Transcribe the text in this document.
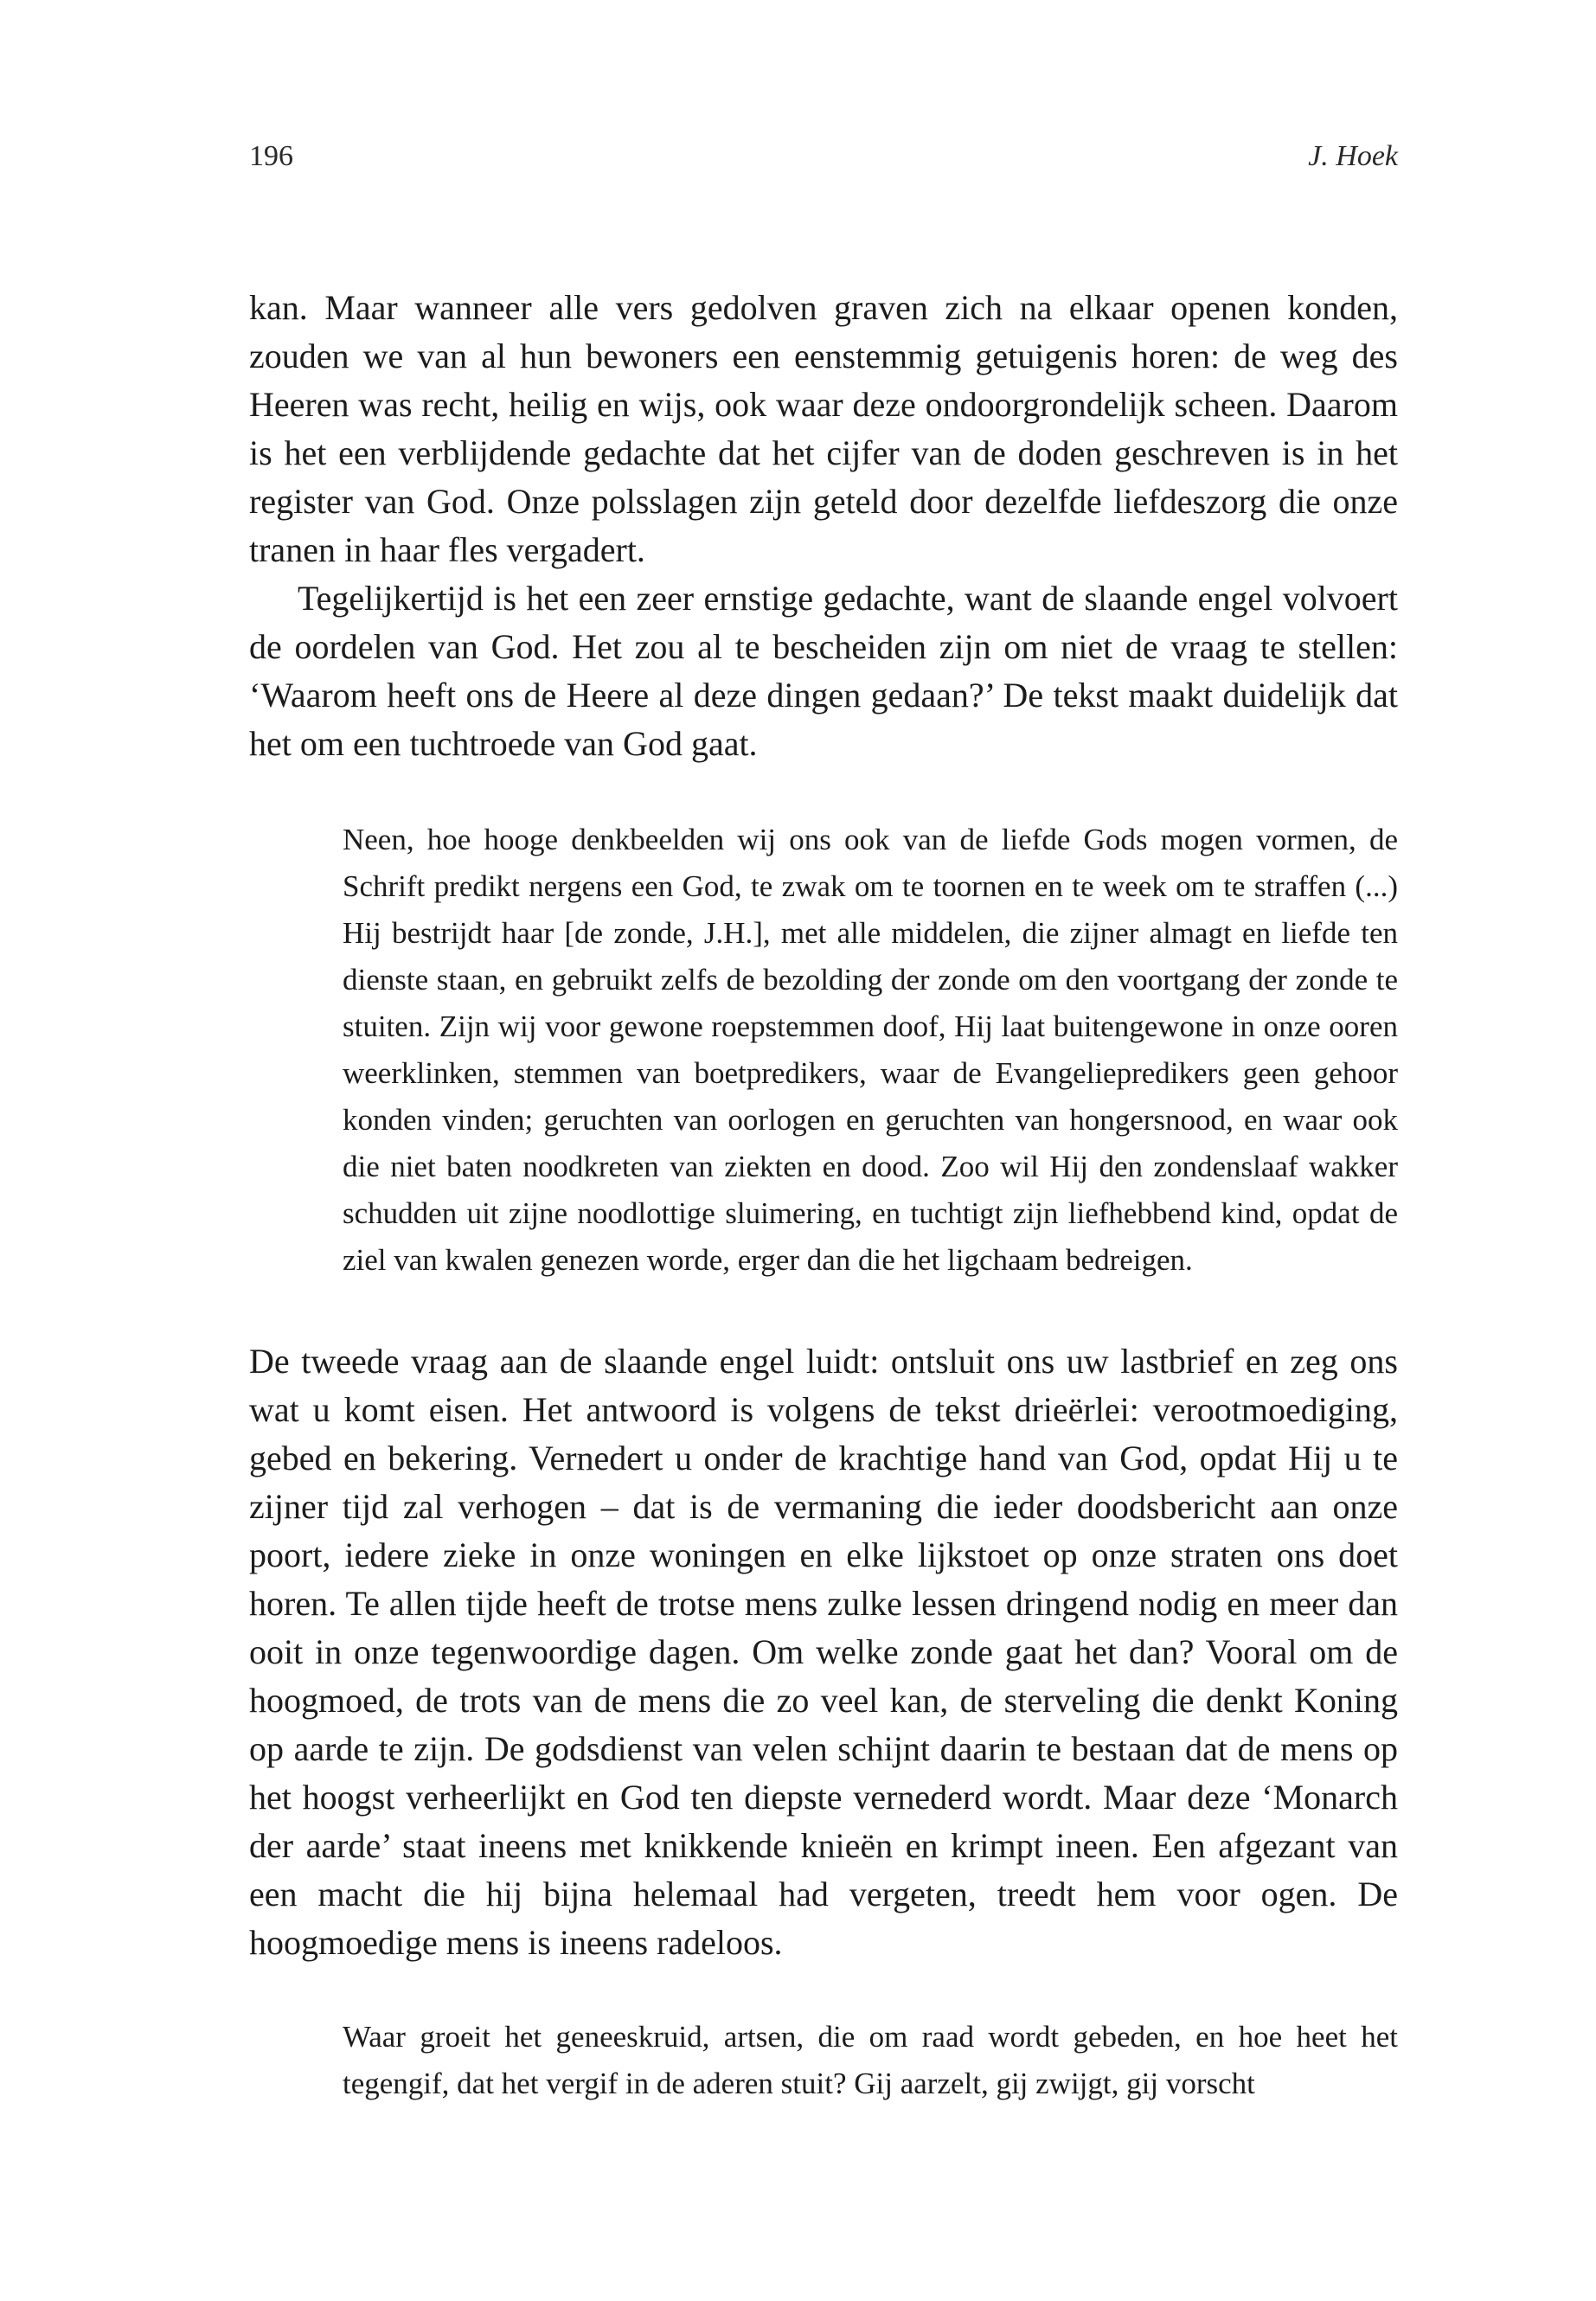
196	J. Hoek

kan. Maar wanneer alle vers gedolven graven zich na elkaar openen konden, zouden we van al hun bewoners een eenstemmig getuigenis horen: de weg des Heeren was recht, heilig en wijs, ook waar deze ondoorgrondelijk scheen. Daarom is het een verblijdende gedachte dat het cijfer van de doden geschreven is in het register van God. Onze polsslagen zijn geteld door dezelfde liefdeszorg die onze tranen in haar fles vergadert.

Tegelijkertijd is het een zeer ernstige gedachte, want de slaande engel volvoert de oordelen van God. Het zou al te bescheiden zijn om niet de vraag te stellen: ‘Waarom heeft ons de Heere al deze dingen gedaan?’ De tekst maakt duidelijk dat het om een tuchtroede van God gaat.

Neen, hoe hooge denkbeelden wij ons ook van de liefde Gods mogen vormen, de Schrift predikt nergens een God, te zwak om te toornen en te week om te straffen (...) Hij bestrijdt haar [de zonde, J.H.], met alle middelen, die zijner almagt en liefde ten dienste staan, en gebruikt zelfs de bezolding der zonde om den voortgang der zonde te stuiten. Zijn wij voor gewone roepstemmen doof, Hij laat buitengewone in onze ooren weerklinken, stemmen van boetpredikers, waar de Evangeliepredikers geen gehoor konden vinden; geruchten van oorlogen en geruchten van hongersnood, en waar ook die niet baten noodkreten van ziekten en dood. Zoo wil Hij den zondenslaaf wakker schudden uit zijne noodlottige sluimering, en tuchtigt zijn liefhebbend kind, opdat de ziel van kwalen genezen worde, erger dan die het ligchaam bedreigen.

De tweede vraag aan de slaande engel luidt: ontsluit ons uw lastbrief en zeg ons wat u komt eisen. Het antwoord is volgens de tekst drieërlei: verootmoediging, gebed en bekering. Vernedert u onder de krachtige hand van God, opdat Hij u te zijner tijd zal verhogen – dat is de vermaning die ieder doodsbericht aan onze poort, iedere zieke in onze woningen en elke lijkstoet op onze straten ons doet horen. Te allen tijde heeft de trotse mens zulke lessen dringend nodig en meer dan ooit in onze tegenwoordige dagen. Om welke zonde gaat het dan? Vooral om de hoogmoed, de trots van de mens die zo veel kan, de sterveling die denkt Koning op aarde te zijn. De godsdienst van velen schijnt daarin te bestaan dat de mens op het hoogst verheerlijkt en God ten diepste vernederd wordt. Maar deze ‘Monarch der aarde’ staat ineens met knikkende knieën en krimpt ineen. Een afgezant van een macht die hij bijna helemaal had vergeten, treedt hem voor ogen. De hoogmoedige mens is ineens radeloos.

Waar groeit het geneeskruid, artsen, die om raad wordt gebeden, en hoe heet het tegengif, dat het vergif in de aderen stuit? Gij aarzelt, gij zwijgt, gij vorscht
